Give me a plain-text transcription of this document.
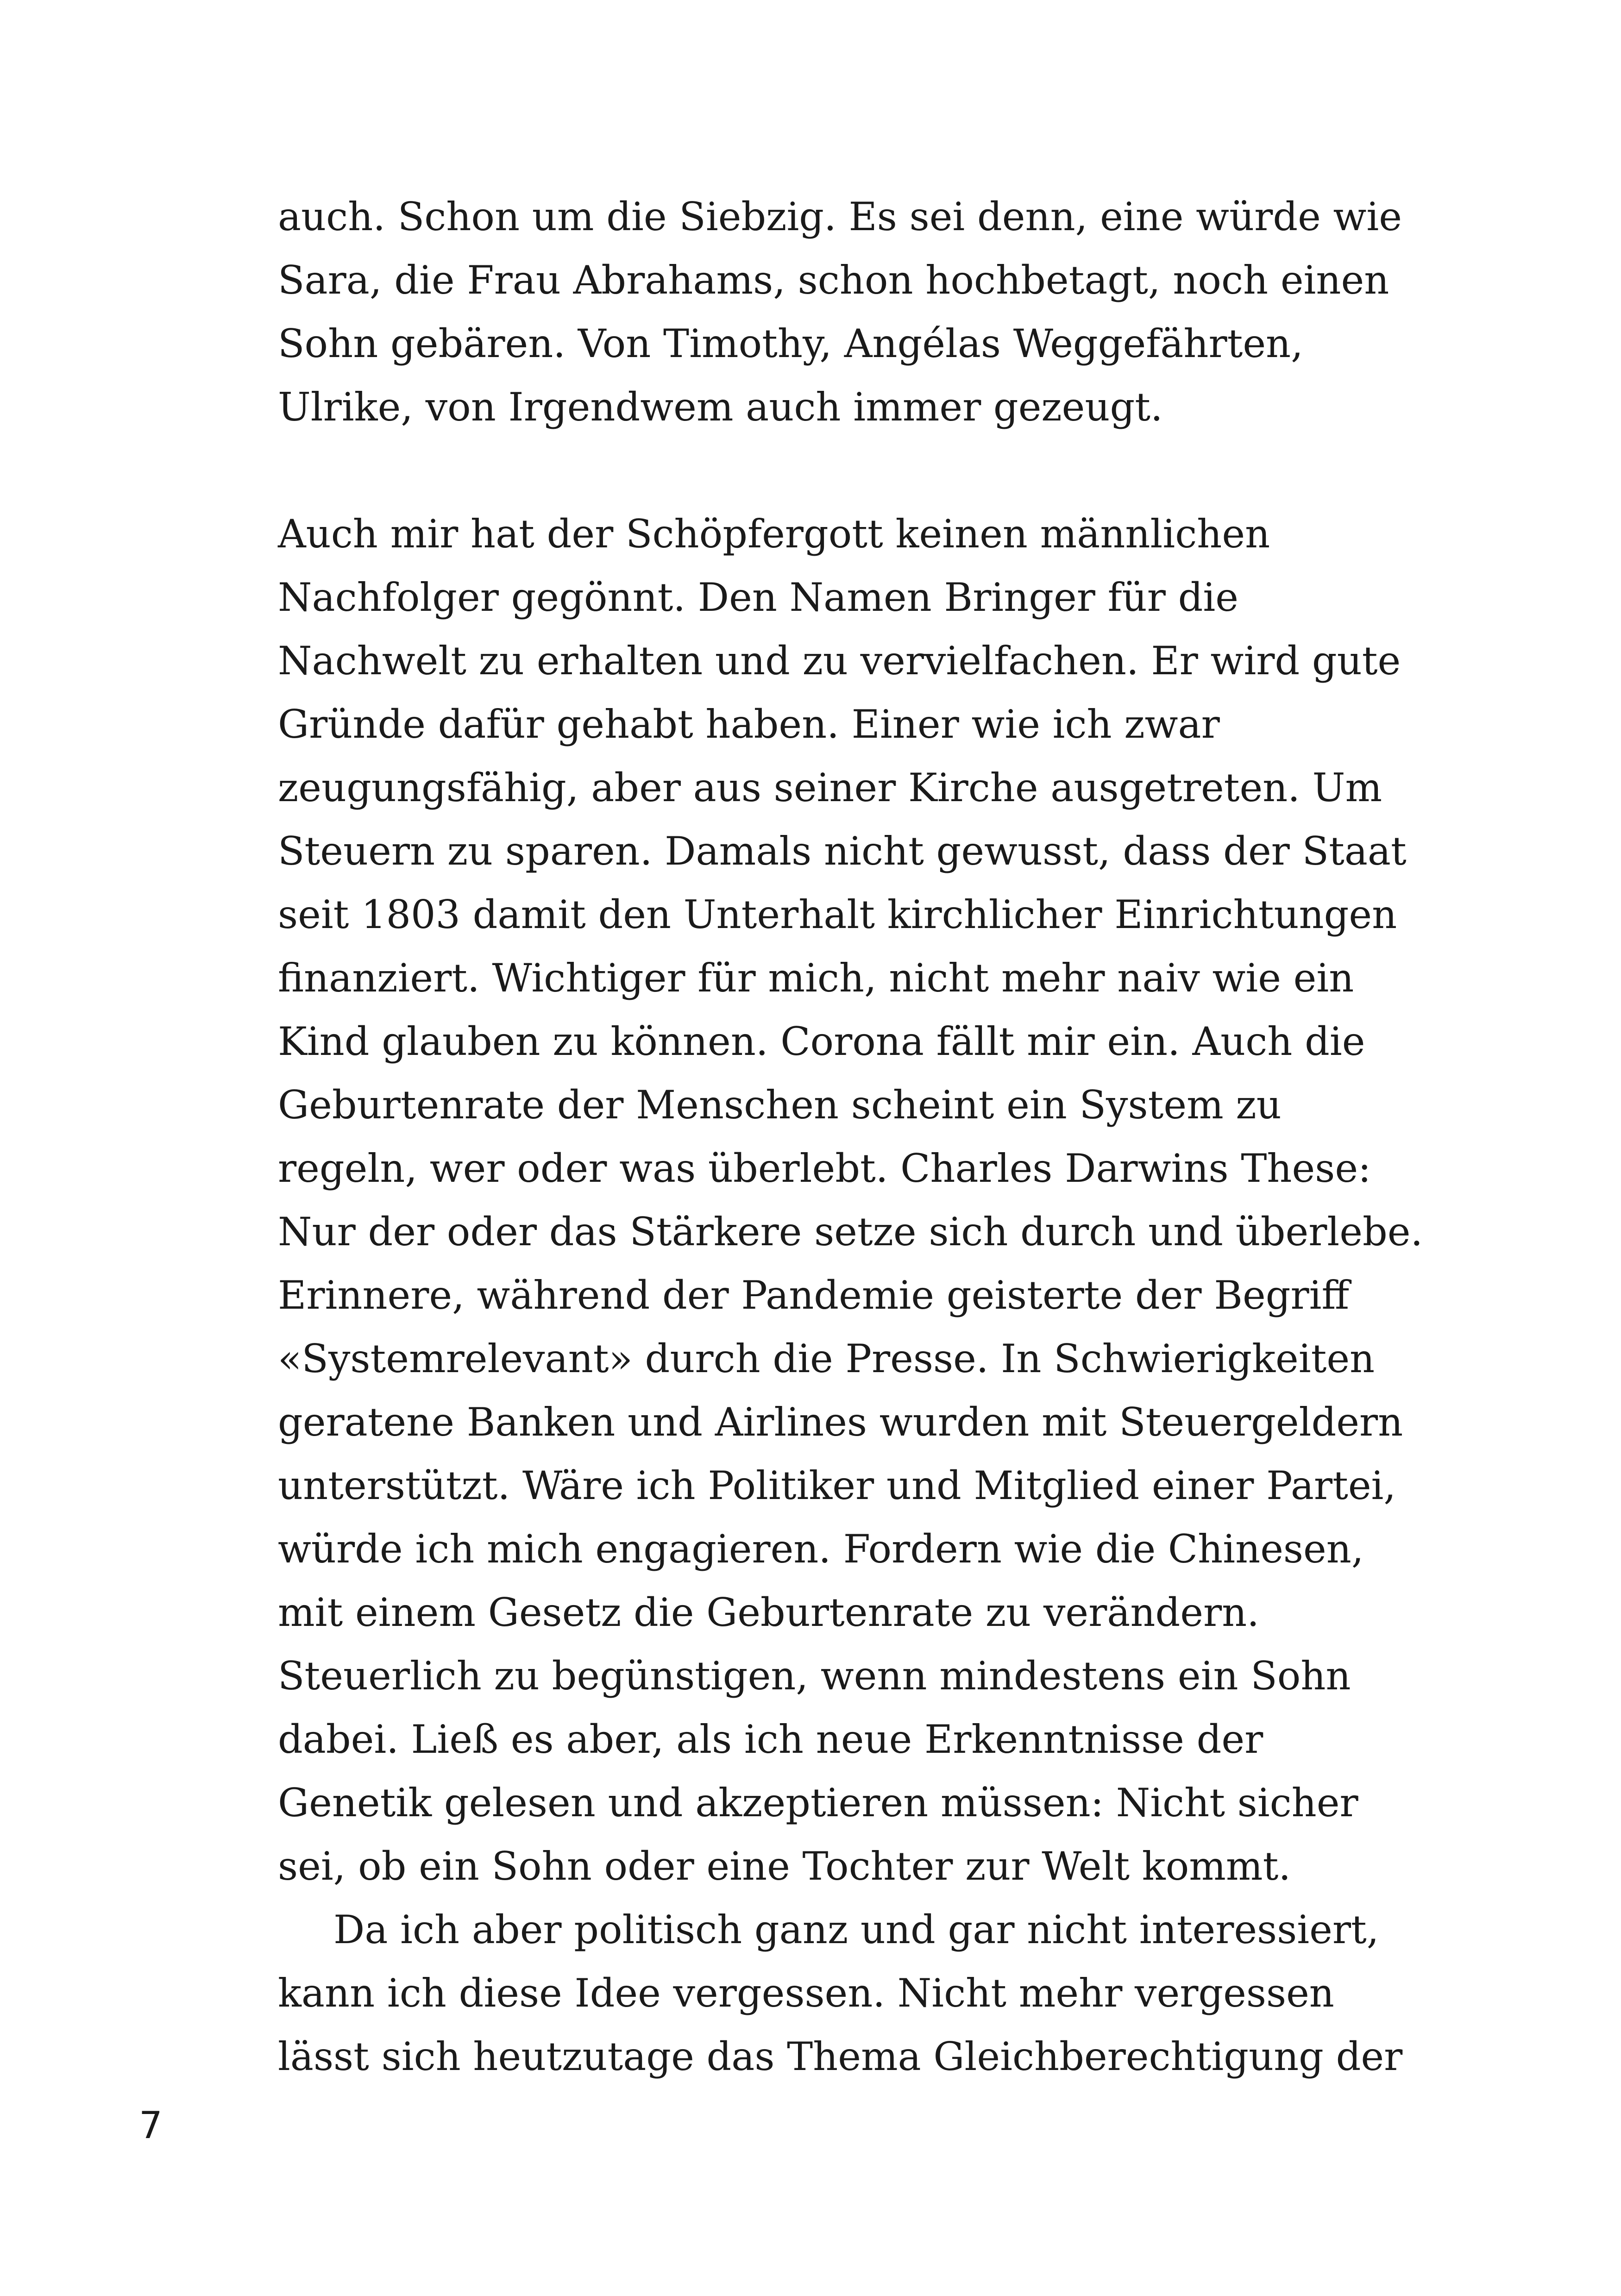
auch. Schon um die Siebzig. Es sei denn, eine würde wie
Sara, die Frau Abrahams, schon hochbetagt, noch einen
Sohn gebären. Von Timothy, Angélas Weggefährten,
Ulrike, von Irgendwem auch immer gezeugt.
Auch mir hat der Schöpfergott keinen männlichen
Nachfolger gegönnt. Den Namen Bringer für die
Nachwelt zu erhalten und zu vervielfachen. Er wird gute
Gründe dafür gehabt haben. Einer wie ich zwar
zeugungsfähig, aber aus seiner Kirche ausgetreten. Um
Steuern zu sparen. Damals nicht gewusst, dass der Staat
seit 1803 damit den Unterhalt kirchlicher Einrichtungen
finanziert. Wichtiger für mich, nicht mehr naiv wie ein
Kind glauben zu können. Corona fällt mir ein. Auch die
Geburtenrate der Menschen scheint ein System zu
regeln, wer oder was überlebt. Charles Darwins These:
Nur der oder das Stärkere setze sich durch und überlebe.
Erinnere, während der Pandemie geisterte der Begriff
«Systemrelevant» durch die Presse. In Schwierigkeiten
geratene Banken und Airlines wurden mit Steuergeldern
unterstützt. Wäre ich Politiker und Mitglied einer Partei,
würde ich mich engagieren. Fordern wie die Chinesen,
mit einem Gesetz die Geburtenrate zu verändern.
Steuerlich zu begünstigen, wenn mindestens ein Sohn
dabei. Ließ es aber, als ich neue Erkenntnisse der
Genetik gelesen und akzeptieren müssen: Nicht sicher
sei, ob ein Sohn oder eine Tochter zur Welt kommt.
Da ich aber politisch ganz und gar nicht interessiert,
kann ich diese Idee vergessen. Nicht mehr vergessen
lässt sich heutzutage das Thema Gleichberechtigung der
7
